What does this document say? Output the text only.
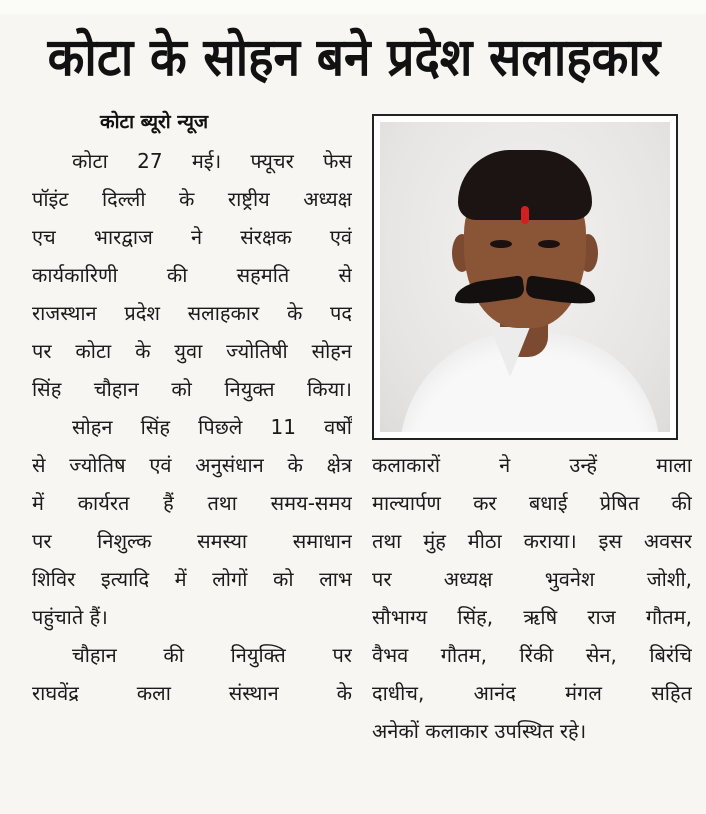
कोटा के सोहन बने प्रदेश सलाहकार
कोटा ब्यूरो न्यूज
कोटा 27 मई। फ्यूचर फेस
पॉइंट दिल्ली के राष्ट्रीय अध्यक्ष
एच भारद्वाज ने संरक्षक एवं
कार्यकारिणी की सहमति से
राजस्थान प्रदेश सलाहकार के पद
पर कोटा के युवा ज्योतिषी सोहन
सिंह चौहान को नियुक्त किया।
सोहन सिंह पिछले 11 वर्षों
से ज्योतिष एवं अनुसंधान के क्षेत्र
में कार्यरत हैं तथा समय-समय
पर निशुल्क समस्या समाधान
शिविर इत्यादि में लोगों को लाभ
पहुंचाते हैं।
चौहान की नियुक्ति पर
राघवेंद्र कला संस्थान के
कलाकारों ने उन्हें माला
माल्यार्पण कर बधाई प्रेषित की
तथा मुंह मीठा कराया। इस अवसर
पर अध्यक्ष भुवनेश जोशी,
सौभाग्य सिंह, ऋषि राज गौतम,
वैभव गौतम, रिंकी सेन, बिरंचि
दाधीच, आनंद मंगल सहित
अनेकों कलाकार उपस्थित रहे।
